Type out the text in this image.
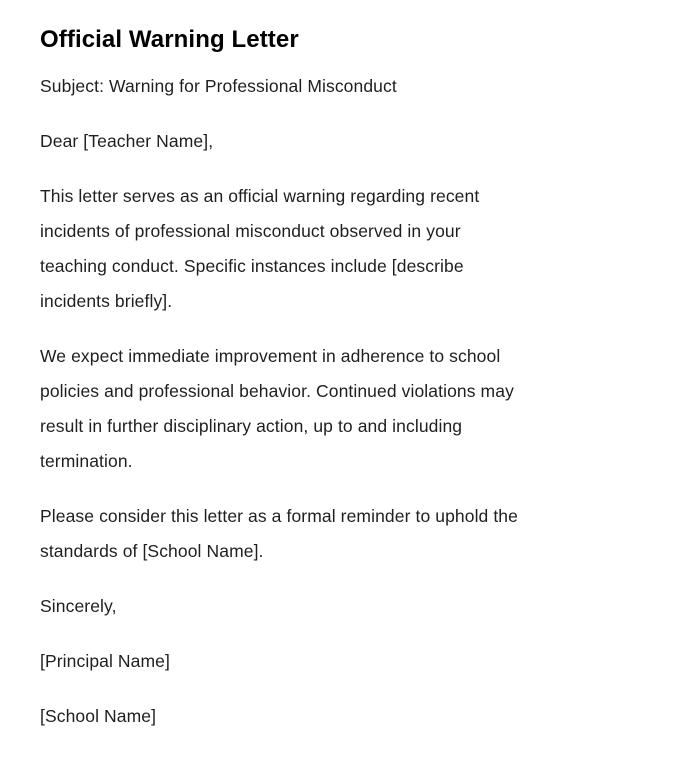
Official Warning Letter

Subject: Warning for Professional Misconduct

Dear [Teacher Name],

This letter serves as an official warning regarding recent
incidents of professional misconduct observed in your
teaching conduct. Specific instances include [describe
incidents briefly].

We expect immediate improvement in adherence to school
policies and professional behavior. Continued violations may
result in further disciplinary action, up to and including
termination.

Please consider this letter as a formal reminder to uphold the
standards of [School Name].

Sincerely,

[Principal Name]

[School Name]
